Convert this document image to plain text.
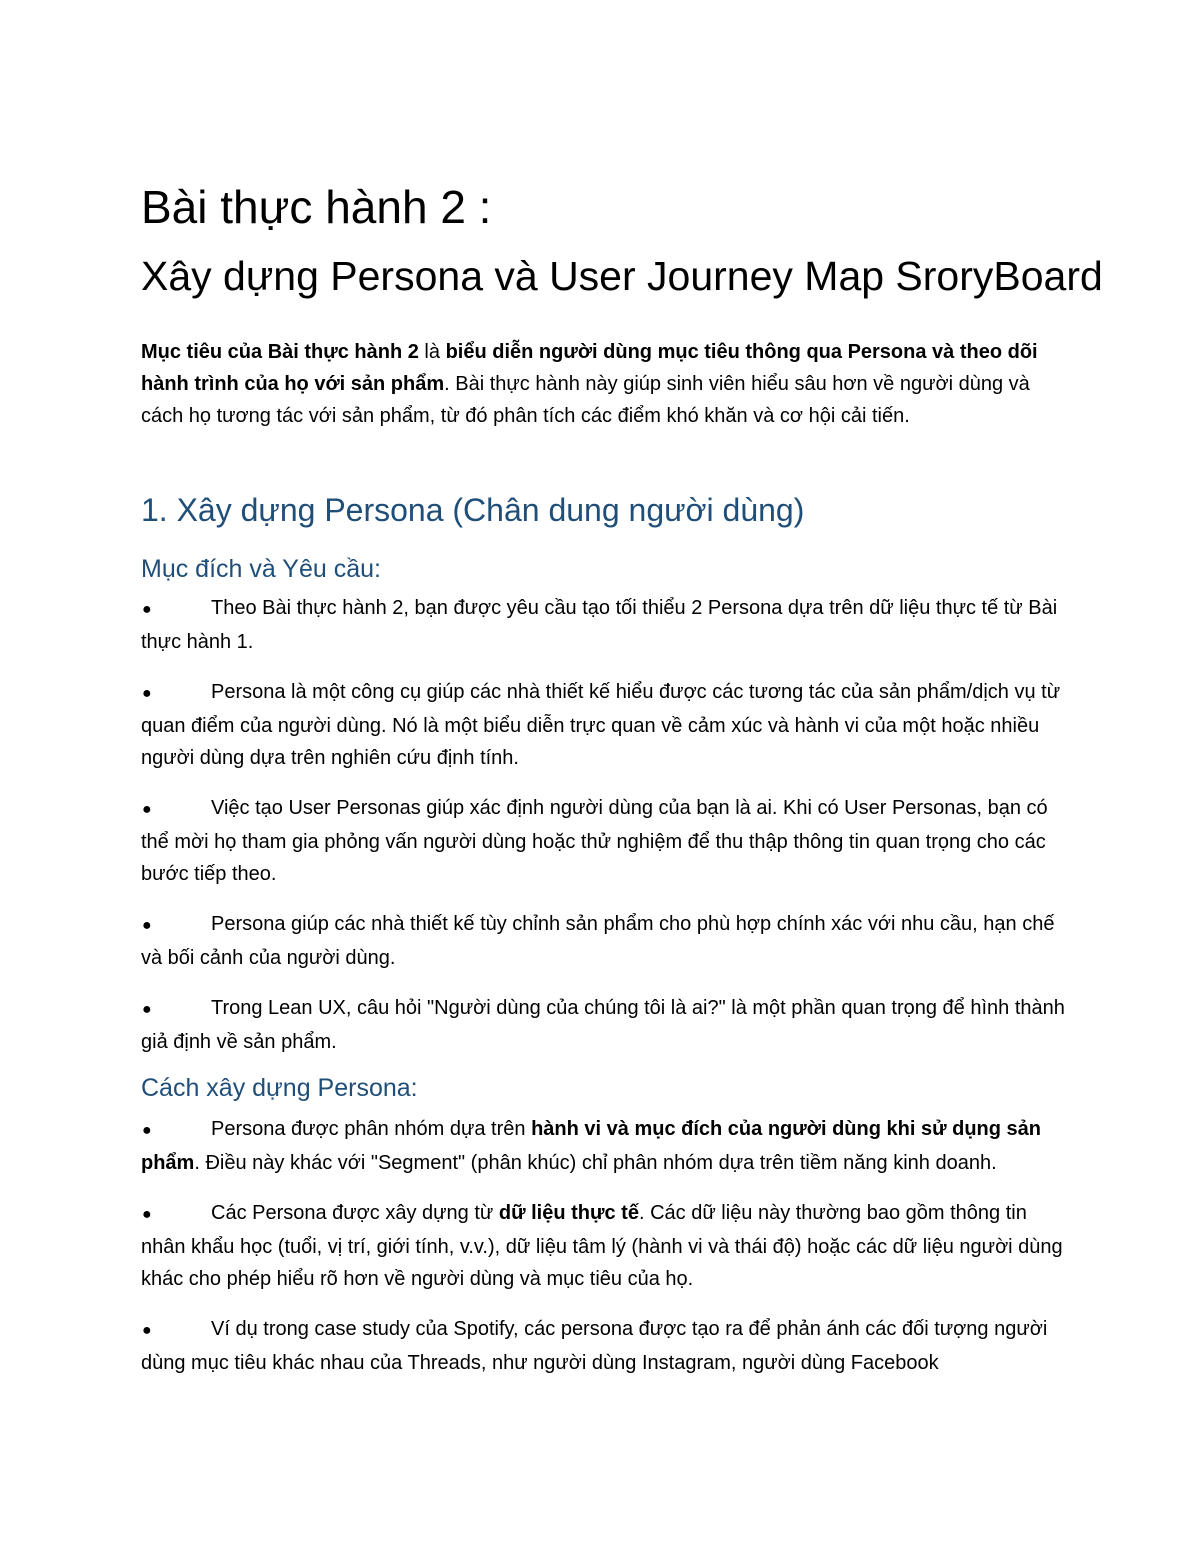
Bài thực hành 2 :
Xây dựng Persona và User Journey Map SroryBoard

Mục tiêu của Bài thực hành 2 là biểu diễn người dùng mục tiêu thông qua Persona và theo dõi hành trình của họ với sản phẩm. Bài thực hành này giúp sinh viên hiểu sâu hơn về người dùng và cách họ tương tác với sản phẩm, từ đó phân tích các điểm khó khăn và cơ hội cải tiến.

1. Xây dựng Persona (Chân dung người dùng)
Mục đích và Yêu cầu:
●Theo Bài thực hành 2, bạn được yêu cầu tạo tối thiểu 2 Persona dựa trên dữ liệu thực tế từ Bài thực hành 1.
●Persona là một công cụ giúp các nhà thiết kế hiểu được các tương tác của sản phẩm/dịch vụ từ quan điểm của người dùng. Nó là một biểu diễn trực quan về cảm xúc và hành vi của một hoặc nhiều người dùng dựa trên nghiên cứu định tính.
●Việc tạo User Personas giúp xác định người dùng của bạn là ai. Khi có User Personas, bạn có thể mời họ tham gia phỏng vấn người dùng hoặc thử nghiệm để thu thập thông tin quan trọng cho các bước tiếp theo.
●Persona giúp các nhà thiết kế tùy chỉnh sản phẩm cho phù hợp chính xác với nhu cầu, hạn chế và bối cảnh của người dùng.
●Trong Lean UX, câu hỏi "Người dùng của chúng tôi là ai?" là một phần quan trọng để hình thành giả định về sản phẩm.
Cách xây dựng Persona:
●Persona được phân nhóm dựa trên hành vi và mục đích của người dùng khi sử dụng sản phẩm. Điều này khác với "Segment" (phân khúc) chỉ phân nhóm dựa trên tiềm năng kinh doanh.
●Các Persona được xây dựng từ dữ liệu thực tế. Các dữ liệu này thường bao gồm thông tin nhân khẩu học (tuổi, vị trí, giới tính, v.v.), dữ liệu tâm lý (hành vi và thái độ) hoặc các dữ liệu người dùng khác cho phép hiểu rõ hơn về người dùng và mục tiêu của họ.
●Ví dụ trong case study của Spotify, các persona được tạo ra để phản ánh các đối tượng người dùng mục tiêu khác nhau của Threads, như người dùng Instagram, người dùng Facebook
